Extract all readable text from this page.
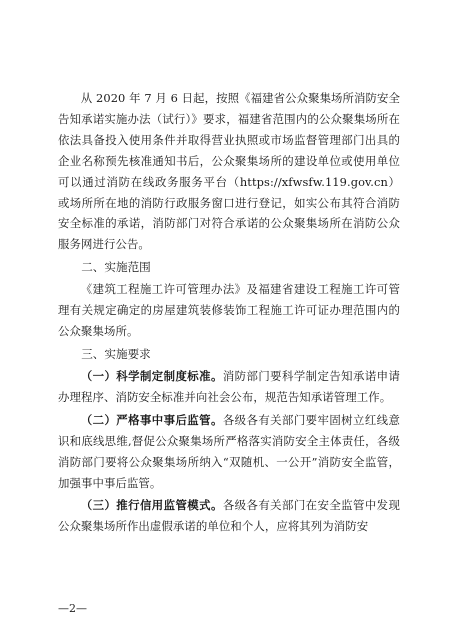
从 2020 年 7 月 6 日起，按照《福建省公众聚集场所消防安全告知承诺实施办法（试行）》要求，福建省范围内的公众聚集场所在依法具备投入使用条件并取得营业执照或市场监督管理部门出具的企业名称预先核准通知书后，公众聚集场所的建设单位或使用单位可以通过消防在线政务服务平台（https://xfwsfw.119.gov.cn）或场所所在地的消防行政服务窗口进行登记，如实公布其符合消防安全标准的承诺，消防部门对符合承诺的公众聚集场所在消防公众服务网进行公告。

二、实施范围

《建筑工程施工许可管理办法》及福建省建设工程施工许可管理有关规定确定的房屋建筑装修装饰工程施工许可证办理范围内的公众聚集场所。

三、实施要求

（一）科学制定制度标准。消防部门要科学制定告知承诺申请办理程序、消防安全标准并向社会公布，规范告知承诺管理工作。

（二）严格事中事后监管。各级各有关部门要牢固树立红线意识和底线思维,督促公众聚集场所严格落实消防安全主体责任，各级消防部门要将公众聚集场所纳入“双随机、一公开”消防安全监管，加强事中事后监管。

（三）推行信用监管模式。各级各有关部门在安全监管中发现公众聚集场所作出虚假承诺的单位和个人，应将其列为消防安

—2—
